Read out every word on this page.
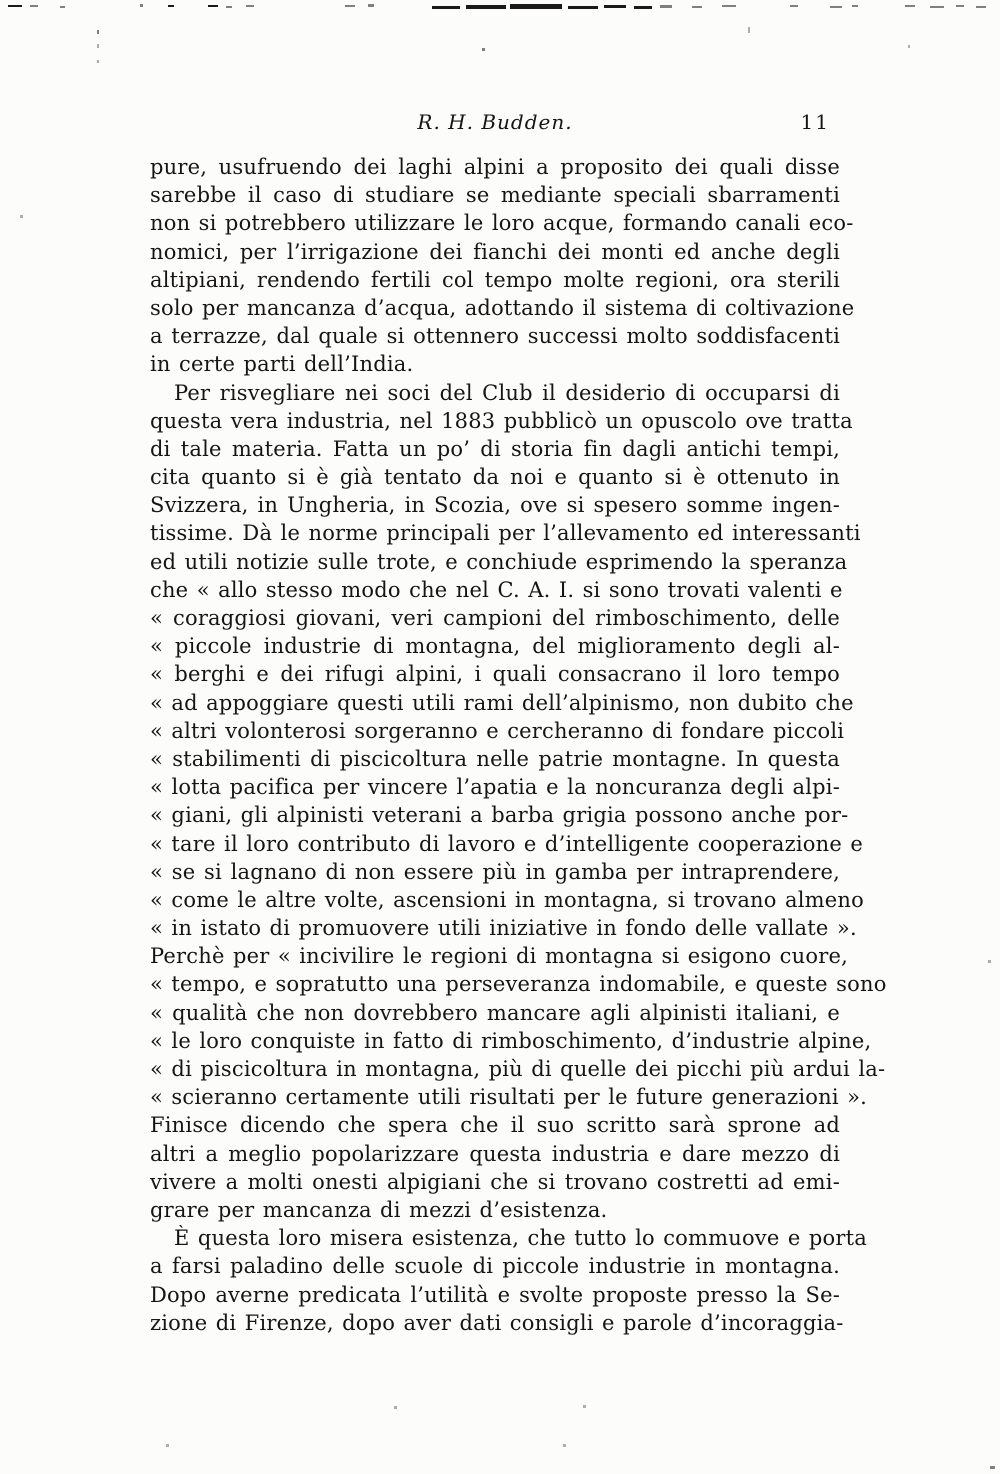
R. H. Budden.	11
pure, usufruendo dei laghi alpini a proposito dei quali disse
sarebbe il caso di studiare se mediante speciali sbarramenti
non si potrebbero utilizzare le loro acque, formando canali eco-
nomici, per l’irrigazione dei fianchi dei monti ed anche degli
altipiani, rendendo fertili col tempo molte regioni, ora sterili
solo per mancanza d’acqua, adottando il sistema di coltivazione
a terrazze, dal quale si ottennero successi molto soddisfacenti
in certe parti dell’India.
Per risvegliare nei soci del Club il desiderio di occuparsi di
questa vera industria, nel 1883 pubblicò un opuscolo ove tratta
di tale materia. Fatta un po’ di storia fin dagli antichi tempi,
cita quanto si è già tentato da noi e quanto si è ottenuto in
Svizzera, in Ungheria, in Scozia, ove si spesero somme ingen-
tissime. Dà le norme principali per l’allevamento ed interessanti
ed utili notizie sulle trote, e conchiude esprimendo la speranza
che « allo stesso modo che nel C. A. I. si sono trovati valenti e
« coraggiosi giovani, veri campioni del rimboschimento, delle
« piccole industrie di montagna, del miglioramento degli al-
« berghi e dei rifugi alpini, i quali consacrano il loro tempo
« ad appoggiare questi utili rami dell’alpinismo, non dubito che
« altri volonterosi sorgeranno e cercheranno di fondare piccoli
« stabilimenti di piscicoltura nelle patrie montagne. In questa
« lotta pacifica per vincere l’apatia e la noncuranza degli alpi-
« giani, gli alpinisti veterani a barba grigia possono anche por-
« tare il loro contributo di lavoro e d’intelligente cooperazione e
« se si lagnano di non essere più in gamba per intraprendere,
« come le altre volte, ascensioni in montagna, si trovano almeno
« in istato di promuovere utili iniziative in fondo delle vallate ».
Perchè per « incivilire le regioni di montagna si esigono cuore,
« tempo, e sopratutto una perseveranza indomabile, e queste sono
« qualità che non dovrebbero mancare agli alpinisti italiani, e
« le loro conquiste in fatto di rimboschimento, d’industrie alpine,
« di piscicoltura in montagna, più di quelle dei picchi più ardui la-
« scieranno certamente utili risultati per le future generazioni ».
Finisce dicendo che spera che il suo scritto sarà sprone ad
altri a meglio popolarizzare questa industria e dare mezzo di
vivere a molti onesti alpigiani che si trovano costretti ad emi-
grare per mancanza di mezzi d’esistenza.
È questa loro misera esistenza, che tutto lo commuove e porta
a farsi paladino delle scuole di piccole industrie in montagna.
Dopo averne predicata l’utilità e svolte proposte presso la Se-
zione di Firenze, dopo aver dati consigli e parole d’incoraggia-
